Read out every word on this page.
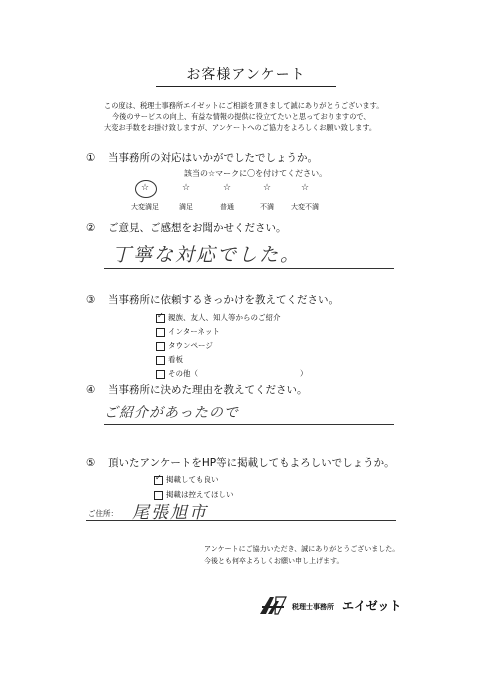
お客様アンケート
この度は、税理士事務所エイゼットにご相談を頂きまして誠にありがとうございます。
今後のサービスの向上、有益な情報の提供に役立てたいと思っておりますので、
大変お手数をお掛け致しますが、アンケートへのご協力をよろしくお願い致します。
① 当事務所の対応はいかがでしたでしょうか。
該当の☆マークに〇を付けてください。
☆	☆	☆	☆	☆
大変満足	満足	普通	不満	大変不満
② ご意見、ご感想をお聞かせください。
丁寧な対応でした。
③ 当事務所に依頼するきっかけを教えてください。
✓親族、友人、知人等からのご紹介
インターネット
タウンページ
看板
その他（	）
④ 当事務所に決めた理由を教えてください。
ご紹介があったので
⑤ 頂いたアンケートをHP等に掲載してもよろしいでしょうか。
✓掲載しても良い
掲載は控えてほしい
ご住所： 尾張旭市
アンケートにご協力いただき、誠にありがとうございました。
今後とも何卒よろしくお願い申し上げます。
税理士事務所 エイゼット
